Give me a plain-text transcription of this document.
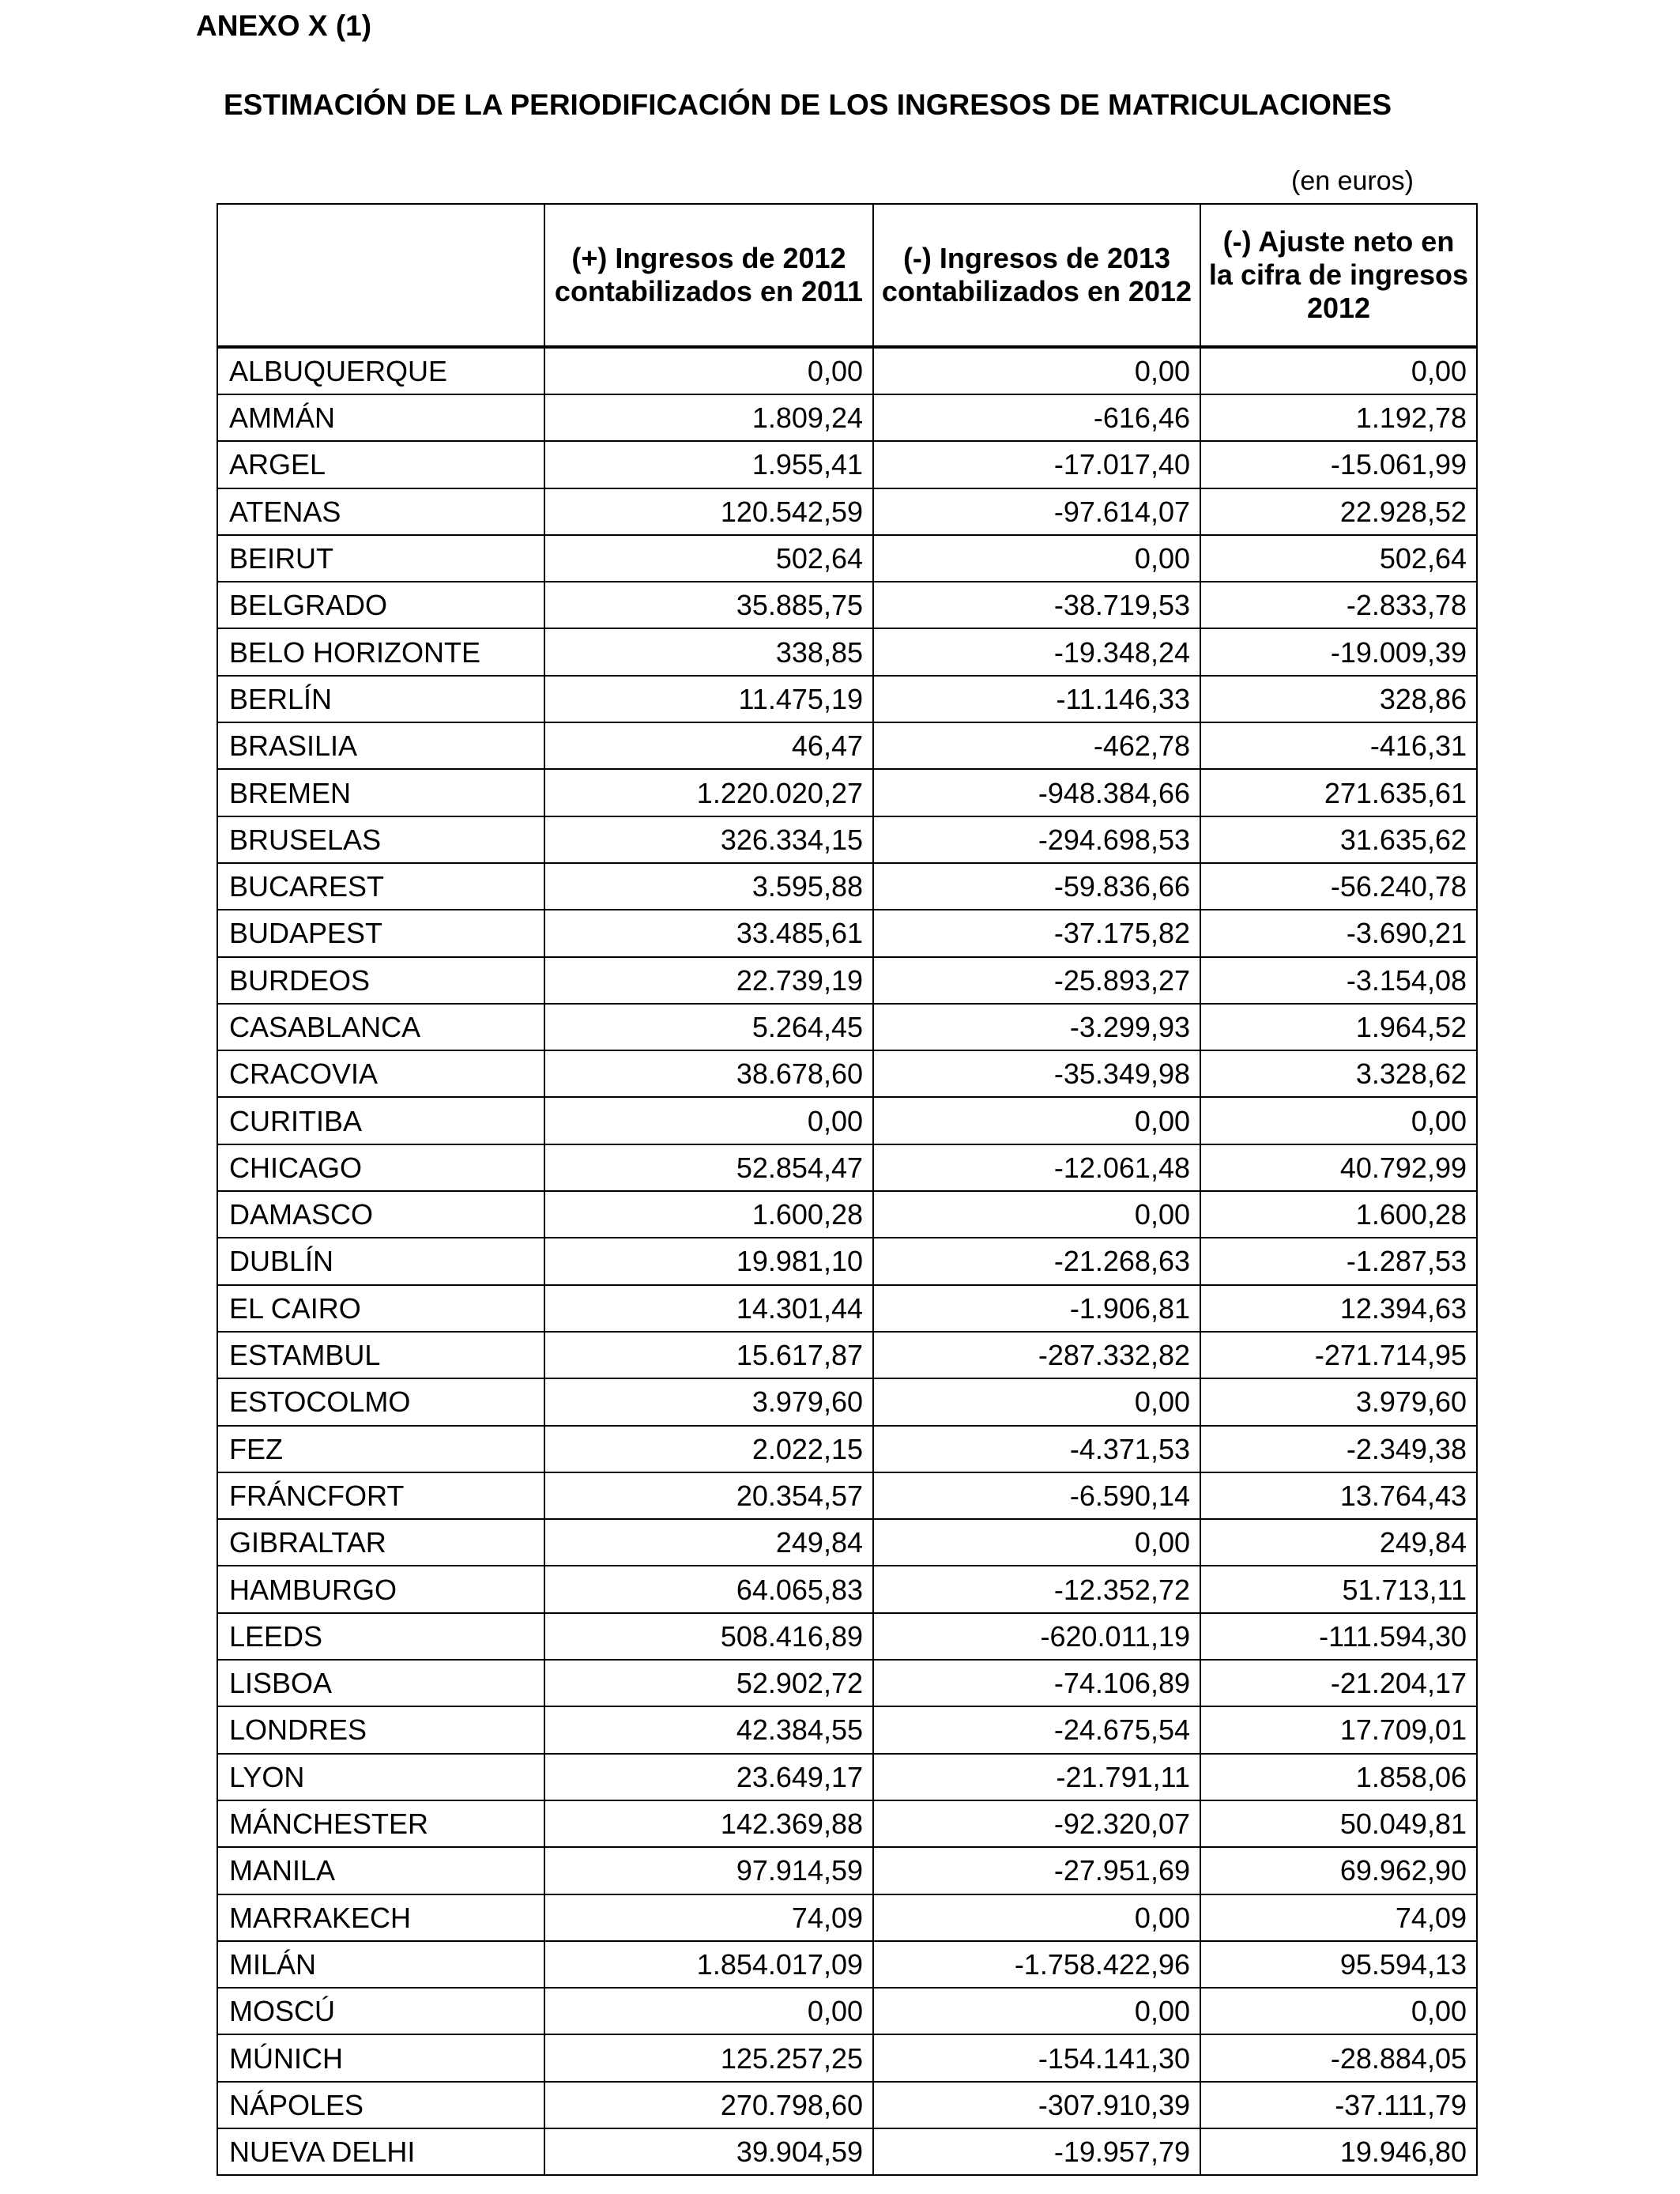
ANEXO X (1)
ESTIMACIÓN DE LA PERIODIFICACIÓN DE LOS INGRESOS DE MATRICULACIONES
(en euros)
	(+) Ingresos de 2012 contabilizados en 2011	(-) Ingresos de 2013 contabilizados en 2012	(-) Ajuste neto en la cifra de ingresos 2012
ALBUQUERQUE	0,00	0,00	0,00
AMMÁN	1.809,24	-616,46	1.192,78
ARGEL	1.955,41	-17.017,40	-15.061,99
ATENAS	120.542,59	-97.614,07	22.928,52
BEIRUT	502,64	0,00	502,64
BELGRADO	35.885,75	-38.719,53	-2.833,78
BELO HORIZONTE	338,85	-19.348,24	-19.009,39
BERLÍN	11.475,19	-11.146,33	328,86
BRASILIA	46,47	-462,78	-416,31
BREMEN	1.220.020,27	-948.384,66	271.635,61
BRUSELAS	326.334,15	-294.698,53	31.635,62
BUCAREST	3.595,88	-59.836,66	-56.240,78
BUDAPEST	33.485,61	-37.175,82	-3.690,21
BURDEOS	22.739,19	-25.893,27	-3.154,08
CASABLANCA	5.264,45	-3.299,93	1.964,52
CRACOVIA	38.678,60	-35.349,98	3.328,62
CURITIBA	0,00	0,00	0,00
CHICAGO	52.854,47	-12.061,48	40.792,99
DAMASCO	1.600,28	0,00	1.600,28
DUBLÍN	19.981,10	-21.268,63	-1.287,53
EL CAIRO	14.301,44	-1.906,81	12.394,63
ESTAMBUL	15.617,87	-287.332,82	-271.714,95
ESTOCOLMO	3.979,60	0,00	3.979,60
FEZ	2.022,15	-4.371,53	-2.349,38
FRÁNCFORT	20.354,57	-6.590,14	13.764,43
GIBRALTAR	249,84	0,00	249,84
HAMBURGO	64.065,83	-12.352,72	51.713,11
LEEDS	508.416,89	-620.011,19	-111.594,30
LISBOA	52.902,72	-74.106,89	-21.204,17
LONDRES	42.384,55	-24.675,54	17.709,01
LYON	23.649,17	-21.791,11	1.858,06
MÁNCHESTER	142.369,88	-92.320,07	50.049,81
MANILA	97.914,59	-27.951,69	69.962,90
MARRAKECH	74,09	0,00	74,09
MILÁN	1.854.017,09	-1.758.422,96	95.594,13
MOSCÚ	0,00	0,00	0,00
MÚNICH	125.257,25	-154.141,30	-28.884,05
NÁPOLES	270.798,60	-307.910,39	-37.111,79
NUEVA DELHI	39.904,59	-19.957,79	19.946,80
